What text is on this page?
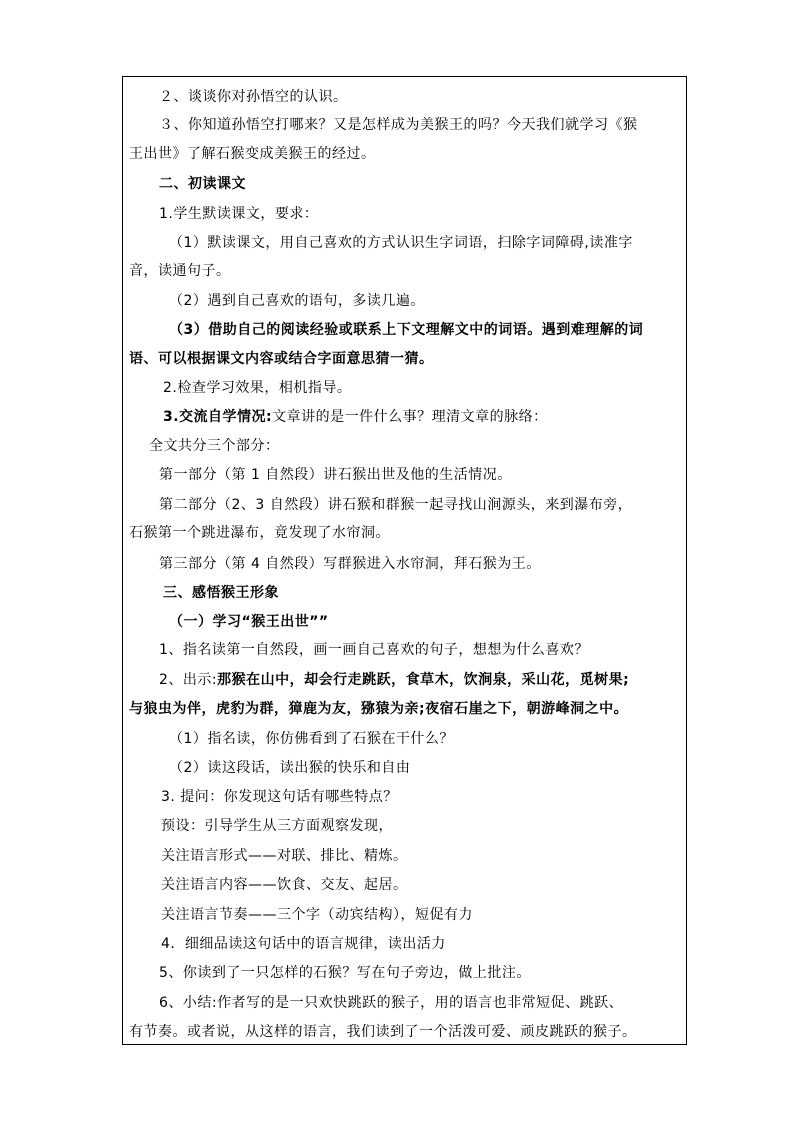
２、谈谈你对孙悟空的认识。
３、你知道孙悟空打哪来？又是怎样成为美猴王的吗？今天我们就学习《猴
王出世》了解石猴变成美猴王的经过。
二、初读课文
1.学生默读课文，要求：
（1）默读课文，用自己喜欢的方式认识生字词语，扫除字词障碍,读准字
音，读通句子。
（2）遇到自己喜欢的语句，多读几遍。
（3）借助自己的阅读经验或联系上下文理解文中的词语。遇到难理解的词
语、可以根据课文内容或结合字面意思猜一猜。
2.检查学习效果，相机指导。
3.交流自学情况:文章讲的是一件什么事？理清文章的脉络：
全文共分三个部分：
第一部分（第 1 自然段）讲石猴出世及他的生活情况。
第二部分（2、3 自然段）讲石猴和群猴一起寻找山涧源头，来到瀑布旁，
石猴第一个跳进瀑布，竟发现了水帘洞。
第三部分（第 4 自然段）写群猴进入水帘洞，拜石猴为王。
三、感悟猴王形象
（一）学习“猴王出世””
1、指名读第一自然段，画一画自己喜欢的句子，想想为什么喜欢？
2、出示:那猴在山中，却会行走跳跃，食草木，饮涧泉，采山花，觅树果;
与狼虫为伴，虎豹为群，獐鹿为友，猕猿为亲;夜宿石崖之下，朝游峰洞之中。
（1）指名读，你仿佛看到了石猴在干什么？
（2）读这段话，读出猴的快乐和自由
3. 提问：你发现这句话有哪些特点？
预设：引导学生从三方面观察发现，
关注语言形式——对联、排比、精炼。
关注语言内容——饮食、交友、起居。
关注语言节奏——三个字（动宾结构），短促有力
4．细细品读这句话中的语言规律，读出活力
5、你读到了一只怎样的石猴？写在句子旁边，做上批注。
6、小结:作者写的是一只欢快跳跃的猴子，用的语言也非常短促、跳跃、
有节奏。或者说，从这样的语言，我们读到了一个活泼可爱、顽皮跳跃的猴子。
